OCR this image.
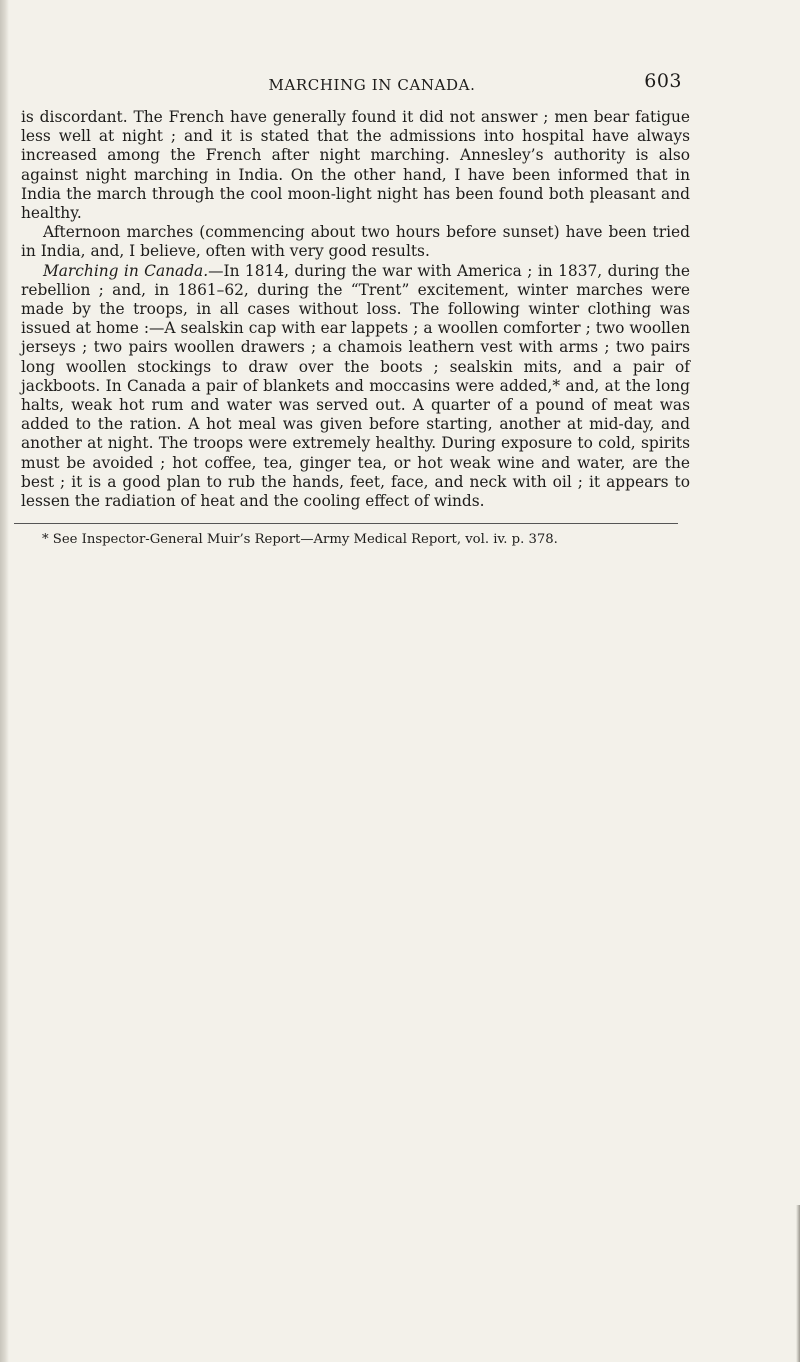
MARCHING IN CANADA.	603

is discordant. The French have generally found it did not answer ; men bear fatigue less well at night ; and it is stated that the admissions into hospital have always increased among the French after night marching. Annesley’s authority is also against night marching in India. On the other hand, I have been informed that in India the march through the cool moon-light night has been found both pleasant and healthy.

Afternoon marches (commencing about two hours before sunset) have been tried in India, and, I believe, often with very good results.

Marching in Canada.—In 1814, during the war with America ; in 1837, during the rebellion ; and, in 1861–62, during the “Trent” excitement, winter marches were made by the troops, in all cases without loss. The following winter clothing was issued at home :—A sealskin cap with ear lappets ; a woollen comforter ; two woollen jerseys ; two pairs woollen drawers ; a chamois leathern vest with arms ; two pairs long woollen stockings to draw over the boots ; sealskin mits, and a pair of jackboots. In Canada a pair of blankets and moccasins were added,* and, at the long halts, weak hot rum and water was served out. A quarter of a pound of meat was added to the ration. A hot meal was given before starting, another at mid-day, and another at night. The troops were extremely healthy. During exposure to cold, spirits must be avoided ; hot coffee, tea, ginger tea, or hot weak wine and water, are the best ; it is a good plan to rub the hands, feet, face, and neck with oil ; it appears to lessen the radiation of heat and the cooling effect of winds.

* See Inspector-General Muir’s Report—Army Medical Report, vol. iv. p. 378.
